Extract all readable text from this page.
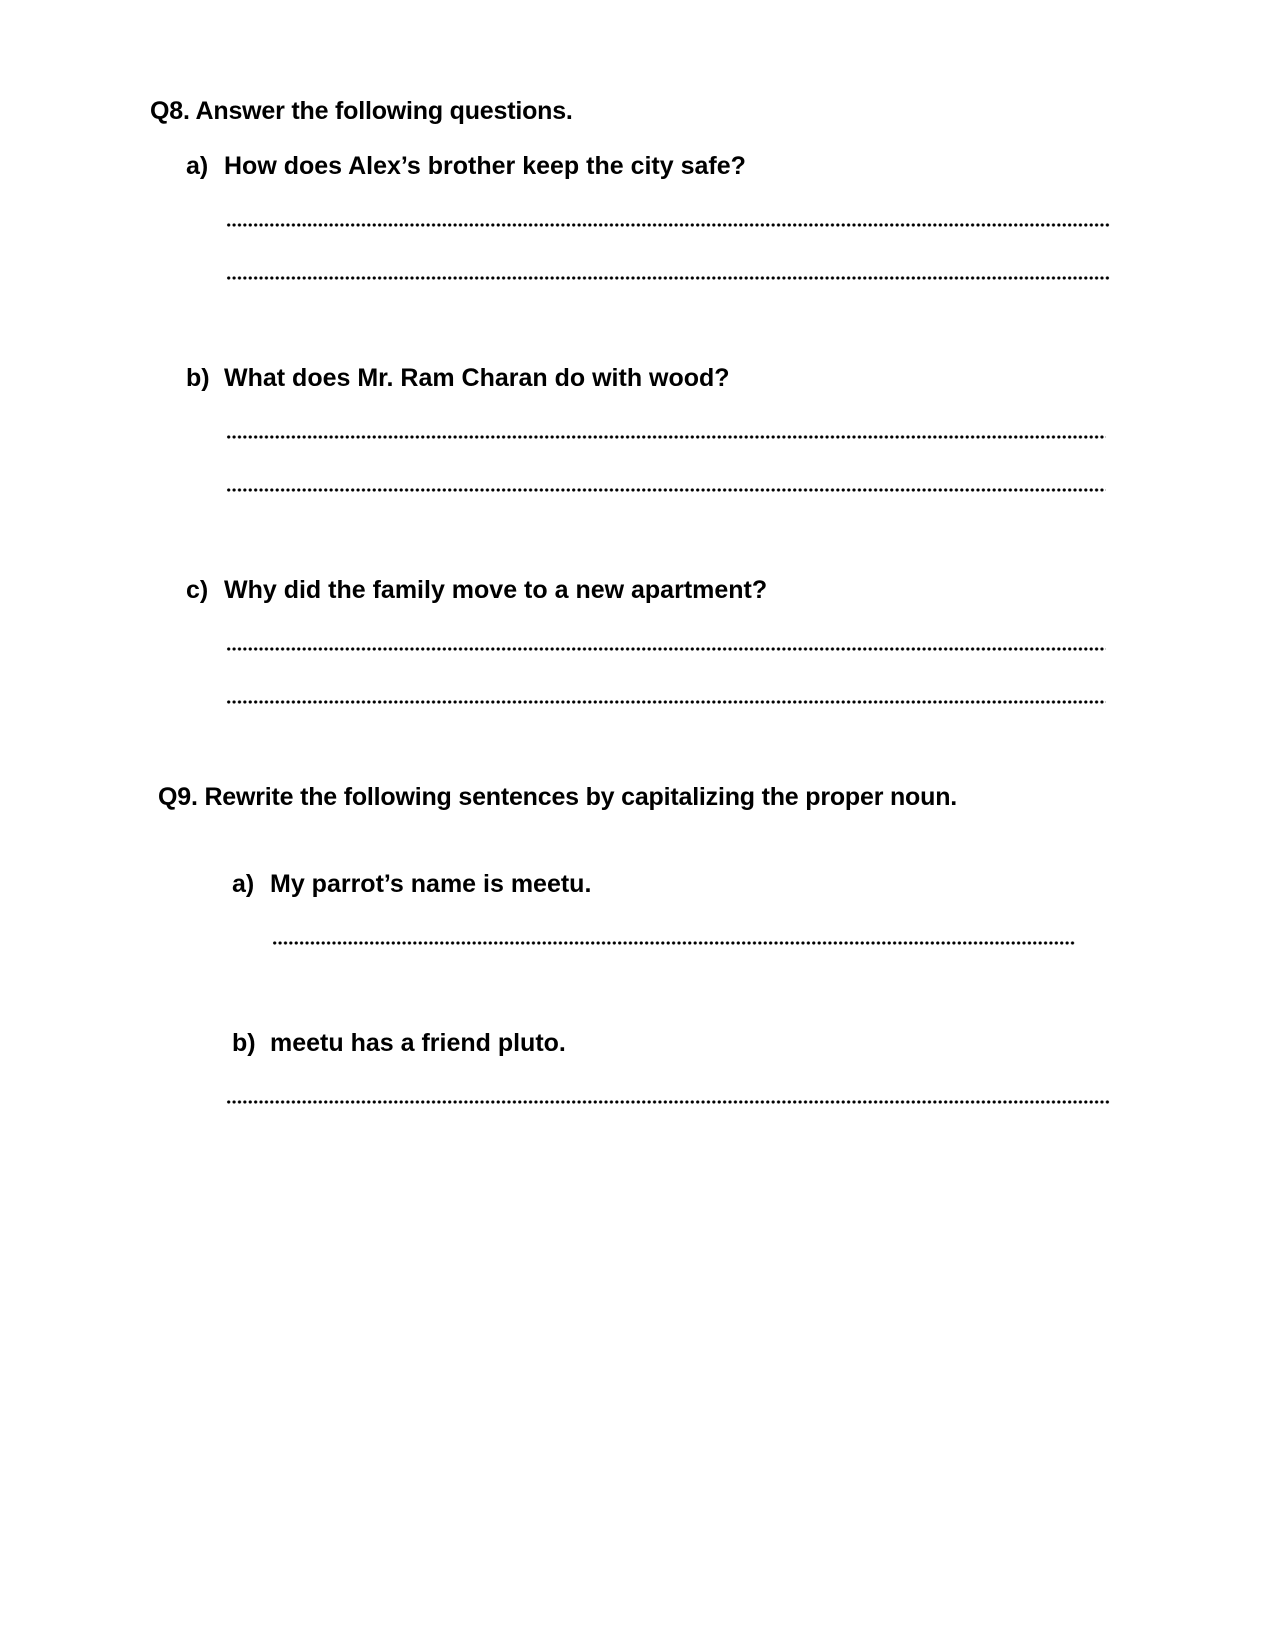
Q8. Answer the following questions.
a) How does Alex’s brother keep the city safe?
b) What does Mr. Ram Charan do with wood?
c) Why did the family move to a new apartment?
Q9. Rewrite the following sentences by capitalizing the proper noun.
a) My parrot’s name is meetu.
b) meetu has a friend pluto.
